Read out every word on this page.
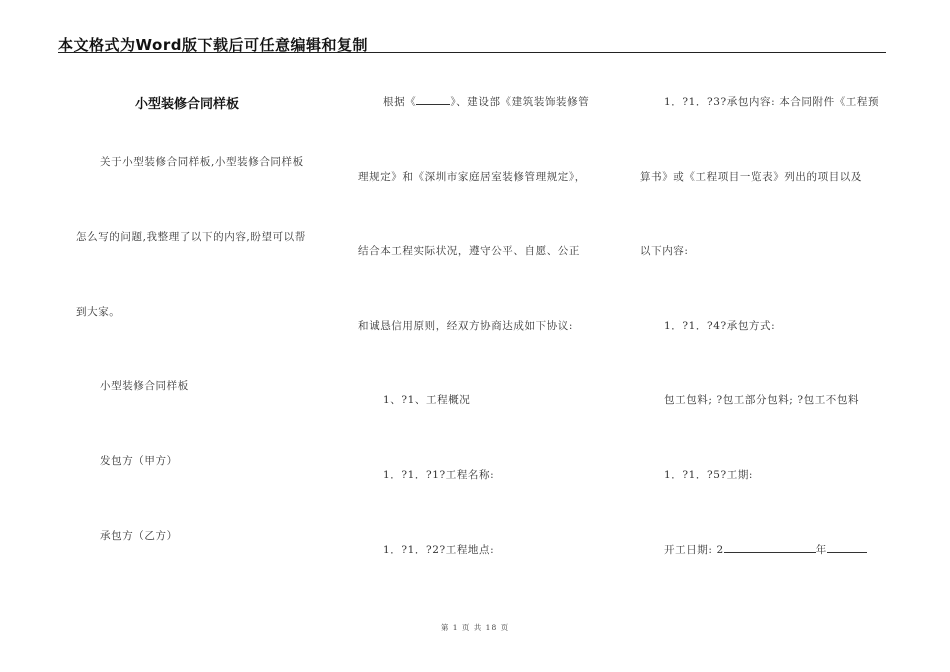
本文格式为Word版下载后可任意编辑和复制
小型装修合同样板
关于小型装修合同样板,小型装修合同样板
怎么写的问题,我整理了以下的内容,盼望可以帮
到大家。
小型装修合同样板
发包方（甲方）
承包方（乙方）
根据《	》、建设部《建筑装饰装修管
理规定》和《深圳市家庭居室装修管理规定》，
结合本工程实际状况，遵守公平、自愿、公正
和诚恳信用原则，经双方协商达成如下协议:
1、?1、工程概况
1．?1．?1?工程名称:
1．?1．?2?工程地点:
1．?1．?3?承包内容: 本合同附件《工程预
算书》或《工程项目一览表》列出的项目以及
以下内容:
1．?1．?4?承包方式:
包工包料; ?包工部分包料; ?包工不包料
1．?1．?5?工期:
开工日期: 2	年
第 1 页 共 18 页
